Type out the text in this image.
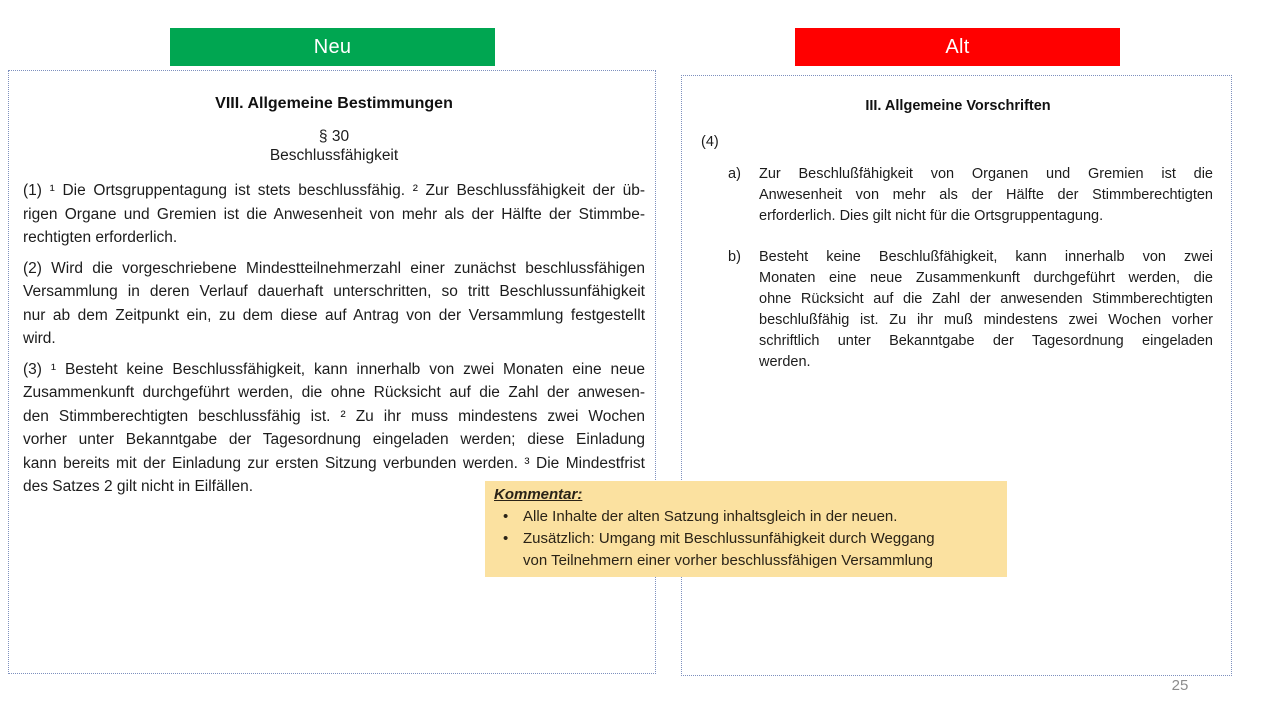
Neu	Alt
VIII. Allgemeine Bestimmungen
§ 30
Beschlussfähigkeit
(1) ¹ Die Ortsgruppentagung ist stets beschlussfähig. ² Zur Beschlussfähigkeit der üb-
rigen Organe und Gremien ist die Anwesenheit von mehr als der Hälfte der Stimmbe-
rechtigten erforderlich.
(2) Wird die vorgeschriebene Mindestteilnehmerzahl einer zunächst beschlussfähigen
Versammlung in deren Verlauf dauerhaft unterschritten, so tritt Beschlussunfähigkeit
nur ab dem Zeitpunkt ein, zu dem diese auf Antrag von der Versammlung festgestellt
wird.
(3) ¹ Besteht keine Beschlussfähigkeit, kann innerhalb von zwei Monaten eine neue
Zusammenkunft durchgeführt werden, die ohne Rücksicht auf die Zahl der anwesen-
den Stimmberechtigten beschlussfähig ist. ² Zu ihr muss mindestens zwei Wochen
vorher unter Bekanntgabe der Tagesordnung eingeladen werden; diese Einladung
kann bereits mit der Einladung zur ersten Sitzung verbunden werden. ³ Die Mindestfrist
des Satzes 2 gilt nicht in Eilfällen.
III. Allgemeine Vorschriften
(4)
a)	Zur Beschlußfähigkeit von Organen und Gremien ist die
Anwesenheit von mehr als der Hälfte der Stimmberechtigten
erforderlich. Dies gilt nicht für die Ortsgruppentagung.
b)	Besteht keine Beschlußfähigkeit, kann innerhalb von zwei
Monaten eine neue Zusammenkunft durchgeführt werden, die
ohne Rücksicht auf die Zahl der anwesenden Stimmberechtigten
beschlußfähig ist. Zu ihr muß mindestens zwei Wochen vorher
schriftlich unter Bekanntgabe der Tagesordnung eingeladen
werden.
Kommentar:
• Alle Inhalte der alten Satzung inhaltsgleich in der neuen.
• Zusätzlich: Umgang mit Beschlussunfähigkeit durch Weggang
von Teilnehmern einer vorher beschlussfähigen Versammlung
25
